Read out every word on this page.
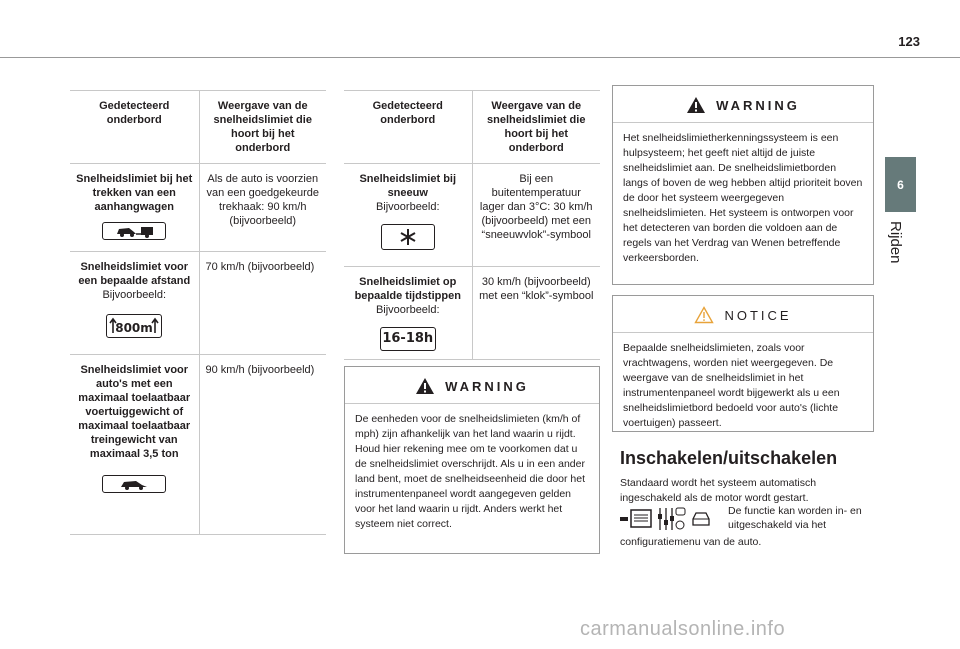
123
6
Rijden
Gedetecteerd onderbord	Weergave van de snelheidslimiet die hoort bij het onderbord

Snelheidslimiet bij het trekken van een aanhangwagen	Als de auto is voorzien van een goedgekeurde trekhaak: 90 km/h (bijvoorbeeld)

Snelheidslimiet voor een bepaalde afstand
Bijvoorbeeld:

800m	70 km/h (bijvoorbeeld)

Snelheidslimiet voor auto's met een maximaal toelaatbaar voertuiggewicht of maximaal toelaatbaar treingewicht van maximaal 3,5 ton	90 km/h (bijvoorbeeld)
Gedetecteerd onderbord	Weergave van de snelheidslimiet die hoort bij het onderbord

Snelheidslimiet bij sneeuw
Bijvoorbeeld:	Bij een buitentemperatuur lager dan 3°C: 30 km/h (bijvoorbeeld) met een “sneeuwvlok”-symbool

Snelheidslimiet op bepaalde tijdstippen
Bijvoorbeeld:
16-18h	30 km/h (bijvoorbeeld) met een “klok”-symbool
WARNING
De eenheden voor de snelheidslimieten (km/h of mph) zijn afhankelijk van het land waarin u rijdt. Houd hier rekening mee om te voorkomen dat u de snelheidslimiet overschrijdt. Als u in een ander land bent, moet de snelheidseenheid die door het instrumentenpaneel wordt aangegeven gelden voor het land waarin u rijdt. Anders werkt het systeem niet correct.
WARNING
Het snelheidslimietherkenningssysteem is een hulpsysteem; het geeft niet altijd de juiste snelheidslimiet aan. De snelheidslimietborden langs of boven de weg hebben altijd prioriteit boven de door het systeem weergegeven snelheidslimieten. Het systeem is ontworpen voor het detecteren van borden die voldoen aan de regels van het Verdrag van Wenen betreffende verkeersborden.
NOTICE
Bepaalde snelheidslimieten, zoals voor vrachtwagens, worden niet weergegeven. De weergave van de snelheidslimiet in het instrumentenpaneel wordt bijgewerkt als u een snelheidslimietbord bedoeld voor auto's (lichte voertuigen) passeert.
Inschakelen/uitschakelen
Standaard wordt het systeem automatisch ingeschakeld als de motor wordt gestart.
De functie kan worden in- en uitgeschakeld via het
configuratiemenu van de auto.
carmanualsonline.info
